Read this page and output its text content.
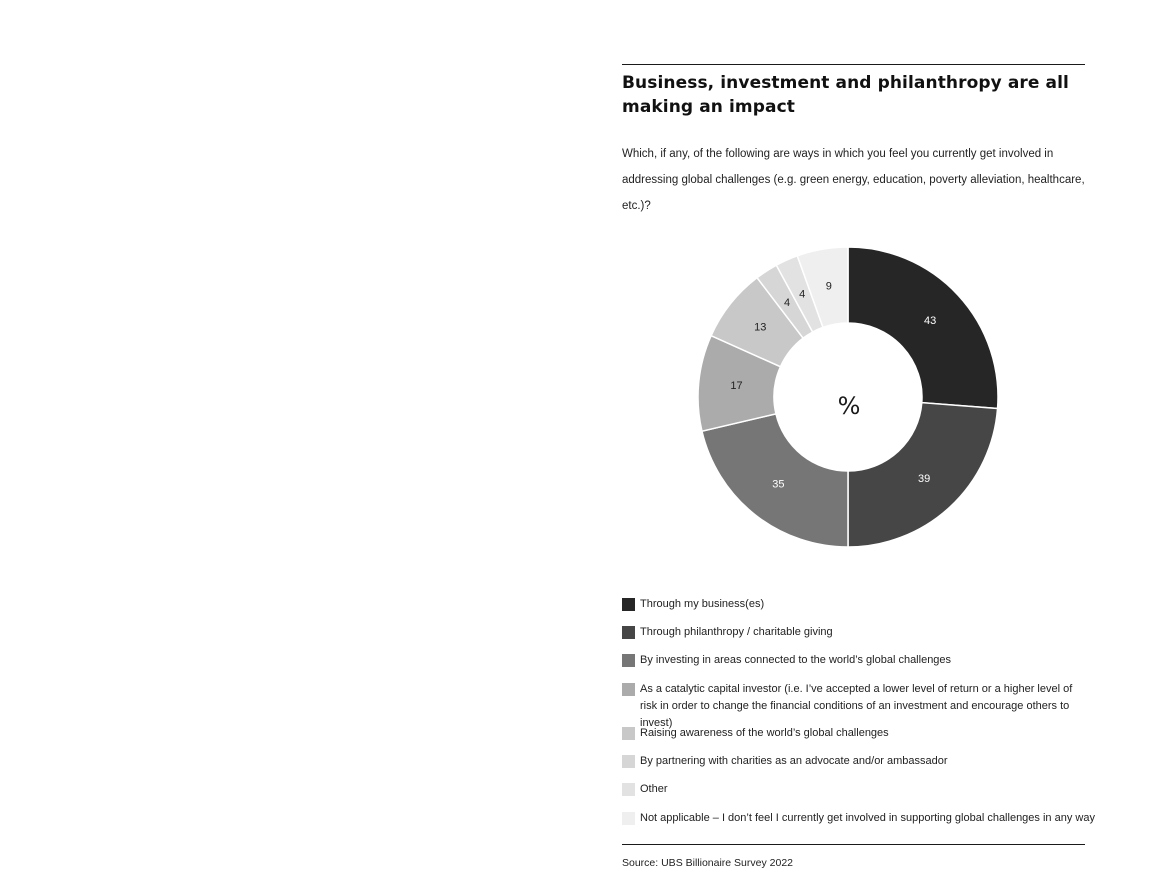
Business, investment and philanthropy are all making an impact
Which, if any, of the following are ways in which you feel you currently get involved in addressing global challenges (e.g. green energy, education, poverty alleviation, healthcare, etc.)?
43
39
35
17
13
4
4
9
%
Through my business(es)
Through philanthropy / charitable giving
By investing in areas connected to the world’s global challenges
As a catalytic capital investor (i.e. I’ve accepted a lower level of return or a higher level of
risk in order to change the financial conditions of an investment and encourage others to invest)
Raising awareness of the world’s global challenges
By partnering with charities as an advocate and/or ambassador
Other
Not applicable – I don’t feel I currently get involved in supporting global challenges in any way
Source: UBS Billionaire Survey 2022
